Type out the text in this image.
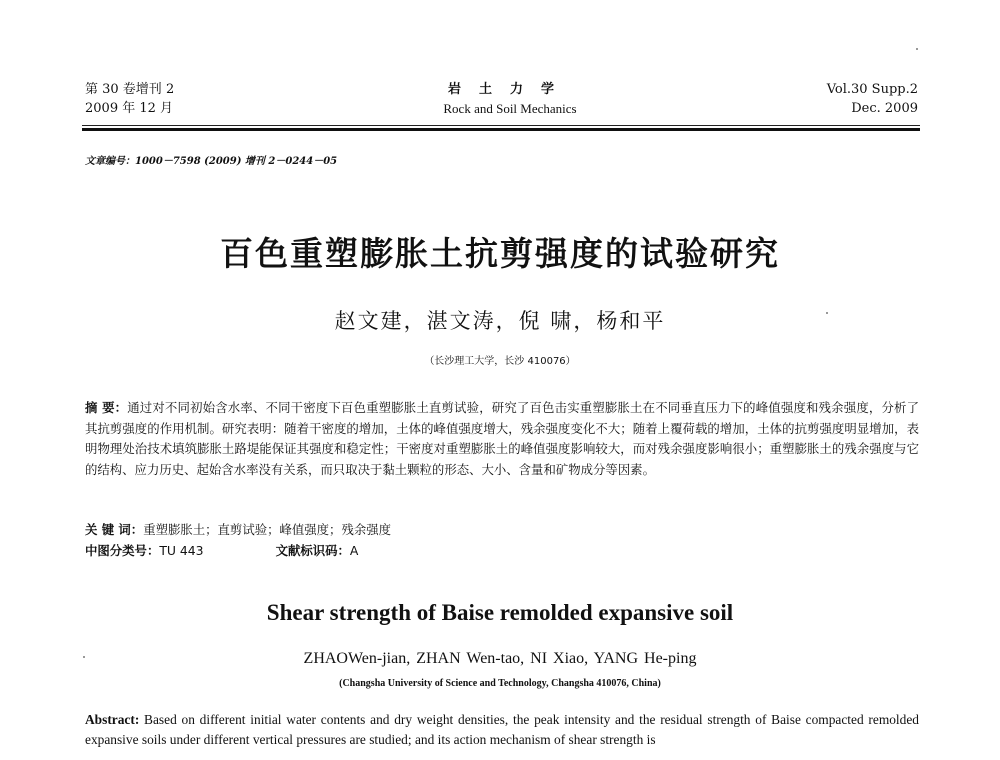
第 30 卷增刊 2
2009 年 12 月
岩土力学
Rock and Soil Mechanics
Vol.30 Supp.2
Dec. 2009
文章编号：1000－7598 (2009) 增刊 2－0244－05
百色重塑膨胀土抗剪强度的试验研究
赵文建，湛文涛，倪 啸，杨和平
（长沙理工大学，长沙 410076）
摘 要：通过对不同初始含水率、不同干密度下百色重塑膨胀土直剪试验，研究了百色击实重塑膨胀土在不同垂直压力下的峰值强度和残余强度，分析了其抗剪强度的作用机制。研究表明：随着干密度的增加，土体的峰值强度增大，残余强度变化不大；随着上覆荷载的增加，土体的抗剪强度明显增加，表明物理处治技术填筑膨胀土路堤能保证其强度和稳定性；干密度对重塑膨胀土的峰值强度影响较大，而对残余强度影响很小；重塑膨胀土的残余强度与它的结构、应力历史、起始含水率没有关系，而只取决于黏土颗粒的形态、大小、含量和矿物成分等因素。
关 键 词：重塑膨胀土；直剪试验；峰值强度；残余强度
中图分类号：TU 443	文献标识码：A
Shear strength of Baise remolded expansive soil
ZHAOWen-jian, ZHAN Wen-tao, NI Xiao, YANG He-ping
(Changsha University of Science and Technology, Changsha 410076, China)
Abstract: Based on different initial water contents and dry weight densities, the peak intensity and the residual strength of Baise compacted remolded expansive soils under different vertical pressures are studied; and its action mechanism of shear strength is
